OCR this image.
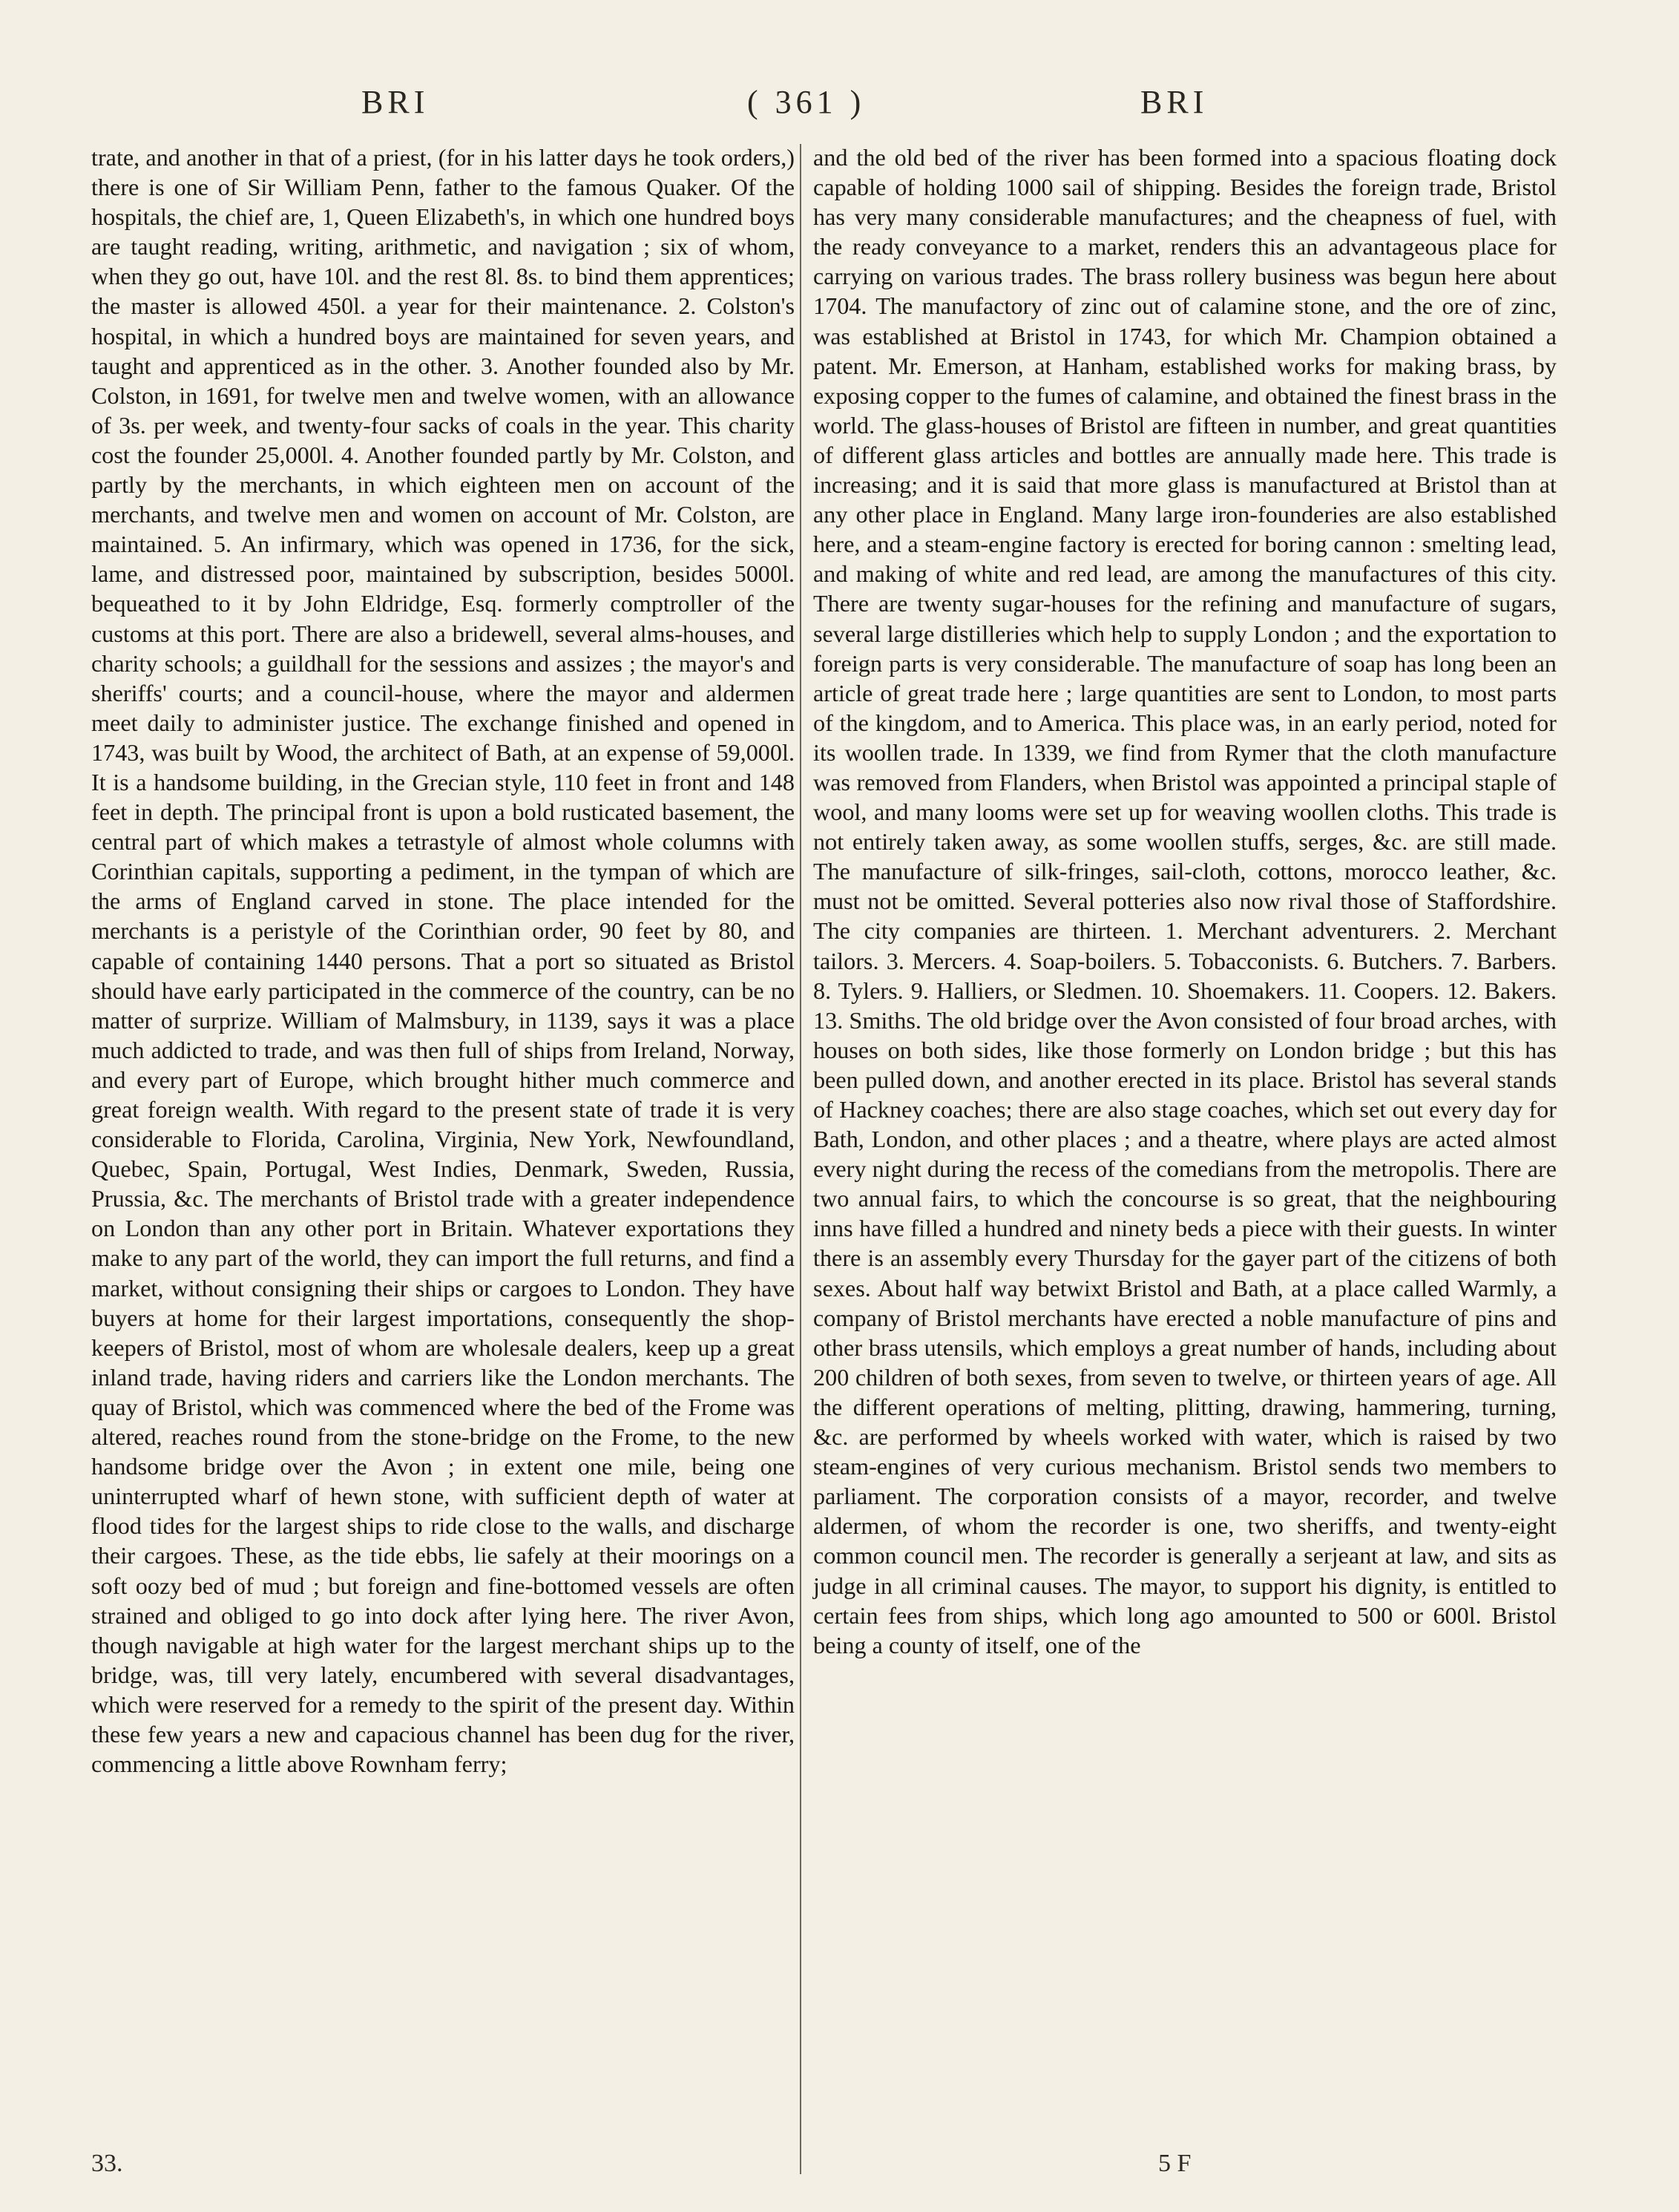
BRI	( 361 )	BRI

trate, and another in that of a priest, (for in his latter days he took orders,) there is one of Sir William Penn, father to the famous Quaker. Of the hospitals, the chief are, 1, Queen Elizabeth's, in which one hundred boys are taught reading, writing, arithmetic, and navigation ; six of whom, when they go out, have 10l. and the rest 8l. 8s. to bind them apprentices; the master is allowed 450l. a year for their maintenance. 2. Colston's hospital, in which a hundred boys are maintained for seven years, and taught and apprenticed as in the other. 3. Another founded also by Mr. Colston, in 1691, for twelve men and twelve women, with an allowance of 3s. per week, and twenty-four sacks of coals in the year. This charity cost the founder 25,000l. 4. Another founded partly by Mr. Colston, and partly by the merchants, in which eighteen men on account of the merchants, and twelve men and women on account of Mr. Colston, are maintained. 5. An infirmary, which was opened in 1736, for the sick, lame, and distressed poor, maintained by subscription, besides 5000l. bequeathed to it by John Eldridge, Esq. formerly comptroller of the customs at this port. There are also a bridewell, several alms-houses, and charity schools; a guildhall for the sessions and assizes ; the mayor's and sheriffs' courts; and a council-house, where the mayor and aldermen meet daily to administer justice. The exchange finished and opened in 1743, was built by Wood, the architect of Bath, at an expense of 59,000l. It is a handsome building, in the Grecian style, 110 feet in front and 148 feet in depth. The principal front is upon a bold rusticated basement, the central part of which makes a tetrastyle of almost whole columns with Corinthian capitals, supporting a pediment, in the tympan of which are the arms of England carved in stone. The place intended for the merchants is a peristyle of the Corinthian order, 90 feet by 80, and capable of containing 1440 persons. That a port so situated as Bristol should have early participated in the commerce of the country, can be no matter of surprize. William of Malmsbury, in 1139, says it was a place much addicted to trade, and was then full of ships from Ireland, Norway, and every part of Europe, which brought hither much commerce and great foreign wealth. With regard to the present state of trade it is very considerable to Florida, Carolina, Virginia, New York, Newfoundland, Quebec, Spain, Portugal, West Indies, Denmark, Sweden, Russia, Prussia, &c. The merchants of Bristol trade with a greater independence on London than any other port in Britain. Whatever exportations they make to any part of the world, they can import the full returns, and find a market, without consigning their ships or cargoes to London. They have buyers at home for their largest importations, consequently the shop-keepers of Bristol, most of whom are wholesale dealers, keep up a great inland trade, having riders and carriers like the London merchants. The quay of Bristol, which was commenced where the bed of the Frome was altered, reaches round from the stone-bridge on the Frome, to the new handsome bridge over the Avon ; in extent one mile, being one uninterrupted wharf of hewn stone, with sufficient depth of water at flood tides for the largest ships to ride close to the walls, and discharge their cargoes. These, as the tide ebbs, lie safely at their moorings on a soft oozy bed of mud ; but foreign and fine-bottomed vessels are often strained and obliged to go into dock after lying here. The river Avon, though navigable at high water for the largest merchant ships up to the bridge, was, till very lately, encumbered with several disadvantages, which were reserved for a remedy to the spirit of the present day. Within these few years a new and capacious channel has been dug for the river, commencing a little above Rownham ferry;

and the old bed of the river has been formed into a spacious floating dock capable of holding 1000 sail of shipping. Besides the foreign trade, Bristol has very many considerable manufactures; and the cheapness of fuel, with the ready conveyance to a market, renders this an advantageous place for carrying on various trades. The brass rollery business was begun here about 1704. The manufactory of zinc out of calamine stone, and the ore of zinc, was established at Bristol in 1743, for which Mr. Champion obtained a patent. Mr. Emerson, at Hanham, established works for making brass, by exposing copper to the fumes of calamine, and obtained the finest brass in the world. The glass-houses of Bristol are fifteen in number, and great quantities of different glass articles and bottles are annually made here. This trade is increasing; and it is said that more glass is manufactured at Bristol than at any other place in England. Many large iron-founderies are also established here, and a steam-engine factory is erected for boring cannon : smelting lead, and making of white and red lead, are among the manufactures of this city. There are twenty sugar-houses for the refining and manufacture of sugars, several large distilleries which help to supply London ; and the exportation to foreign parts is very considerable. The manufacture of soap has long been an article of great trade here ; large quantities are sent to London, to most parts of the kingdom, and to America. This place was, in an early period, noted for its woollen trade. In 1339, we find from Rymer that the cloth manufacture was removed from Flanders, when Bristol was appointed a principal staple of wool, and many looms were set up for weaving woollen cloths. This trade is not entirely taken away, as some woollen stuffs, serges, &c. are still made. The manufacture of silk-fringes, sail-cloth, cottons, morocco leather, &c. must not be omitted. Several potteries also now rival those of Staffordshire. The city companies are thirteen. 1. Merchant adventurers. 2. Merchant tailors. 3. Mercers. 4. Soap-boilers. 5. Tobacconists. 6. Butchers. 7. Barbers. 8. Tylers. 9. Halliers, or Sledmen. 10. Shoemakers. 11. Coopers. 12. Bakers. 13. Smiths. The old bridge over the Avon consisted of four broad arches, with houses on both sides, like those formerly on London bridge ; but this has been pulled down, and another erected in its place. Bristol has several stands of Hackney coaches; there are also stage coaches, which set out every day for Bath, London, and other places ; and a theatre, where plays are acted almost every night during the recess of the comedians from the metropolis. There are two annual fairs, to which the concourse is so great, that the neighbouring inns have filled a hundred and ninety beds a piece with their guests. In winter there is an assembly every Thursday for the gayer part of the citizens of both sexes. About half way betwixt Bristol and Bath, at a place called Warmly, a company of Bristol merchants have erected a noble manufacture of pins and other brass utensils, which employs a great number of hands, including about 200 children of both sexes, from seven to twelve, or thirteen years of age. All the different operations of melting, plitting, drawing, hammering, turning, &c. are performed by wheels worked with water, which is raised by two steam-engines of very curious mechanism. Bristol sends two members to parliament. The corporation consists of a mayor, recorder, and twelve aldermen, of whom the recorder is one, two sheriffs, and twenty-eight common council men. The recorder is generally a serjeant at law, and sits as judge in all criminal causes. The mayor, to support his dignity, is entitled to certain fees from ships, which long ago amounted to 500 or 600l. Bristol being a county of itself, one of the

33.	5 F
